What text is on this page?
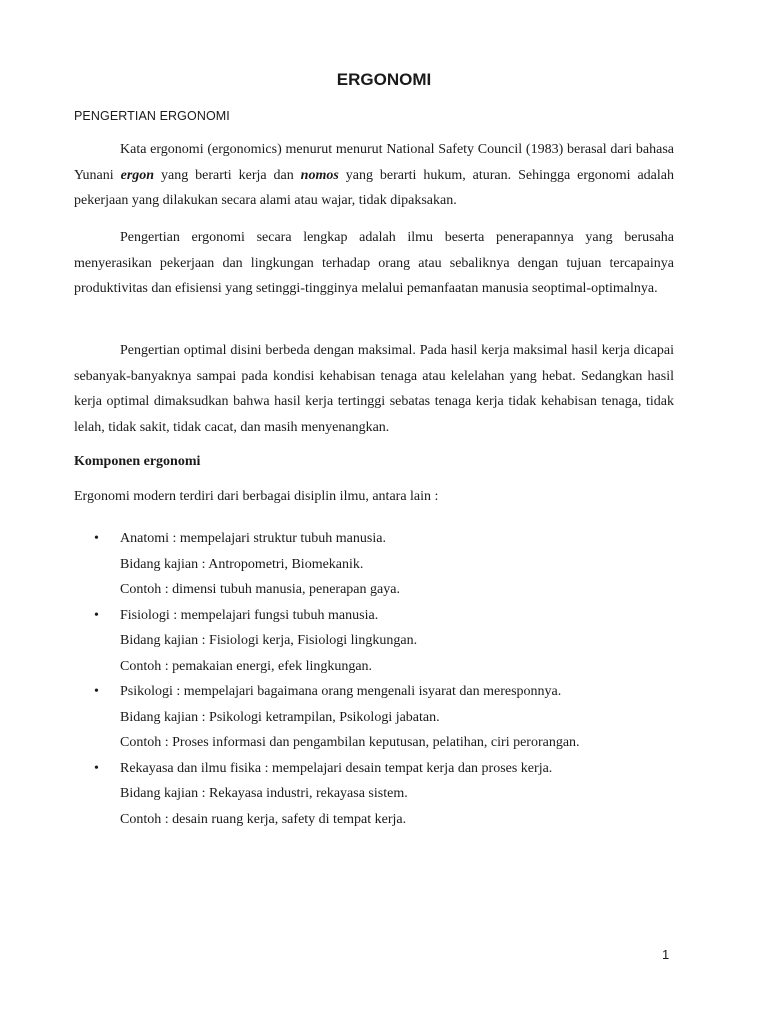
ERGONOMI
PENGERTIAN ERGONOMI

Kata ergonomi (ergonomics) menurut menurut National Safety Council (1983) berasal dari bahasa Yunani ergon yang berarti kerja dan nomos yang berarti hukum, aturan. Sehingga ergonomi adalah pekerjaan yang dilakukan secara alami atau wajar, tidak dipaksakan.

Pengertian ergonomi secara lengkap adalah ilmu beserta penerapannya yang berusaha menyerasikan pekerjaan dan lingkungan terhadap orang atau sebaliknya dengan tujuan tercapainya produktivitas dan efisiensi yang setinggi-tingginya melalui pemanfaatan manusia seoptimal-optimalnya.

Pengertian optimal disini berbeda dengan maksimal. Pada hasil kerja maksimal hasil kerja dicapai sebanyak-banyaknya sampai pada kondisi kehabisan tenaga atau kelelahan yang hebat. Sedangkan hasil kerja optimal dimaksudkan bahwa hasil kerja tertinggi sebatas tenaga kerja tidak kehabisan tenaga, tidak lelah, tidak sakit, tidak cacat, dan masih menyenangkan.

Komponen ergonomi

Ergonomi modern terdiri dari berbagai disiplin ilmu, antara lain :

• Anatomi : mempelajari struktur tubuh manusia.
Bidang kajian : Antropometri, Biomekanik.
Contoh : dimensi tubuh manusia, penerapan gaya.
• Fisiologi : mempelajari fungsi tubuh manusia.
Bidang kajian : Fisiologi kerja, Fisiologi lingkungan.
Contoh : pemakaian energi, efek lingkungan.
• Psikologi : mempelajari bagaimana orang mengenali isyarat dan meresponnya.
Bidang kajian : Psikologi ketrampilan, Psikologi jabatan.
Contoh : Proses informasi dan pengambilan keputusan, pelatihan, ciri perorangan.
• Rekayasa dan ilmu fisika : mempelajari desain tempat kerja dan proses kerja.
Bidang kajian : Rekayasa industri, rekayasa sistem.
Contoh : desain ruang kerja, safety di tempat kerja.
1
